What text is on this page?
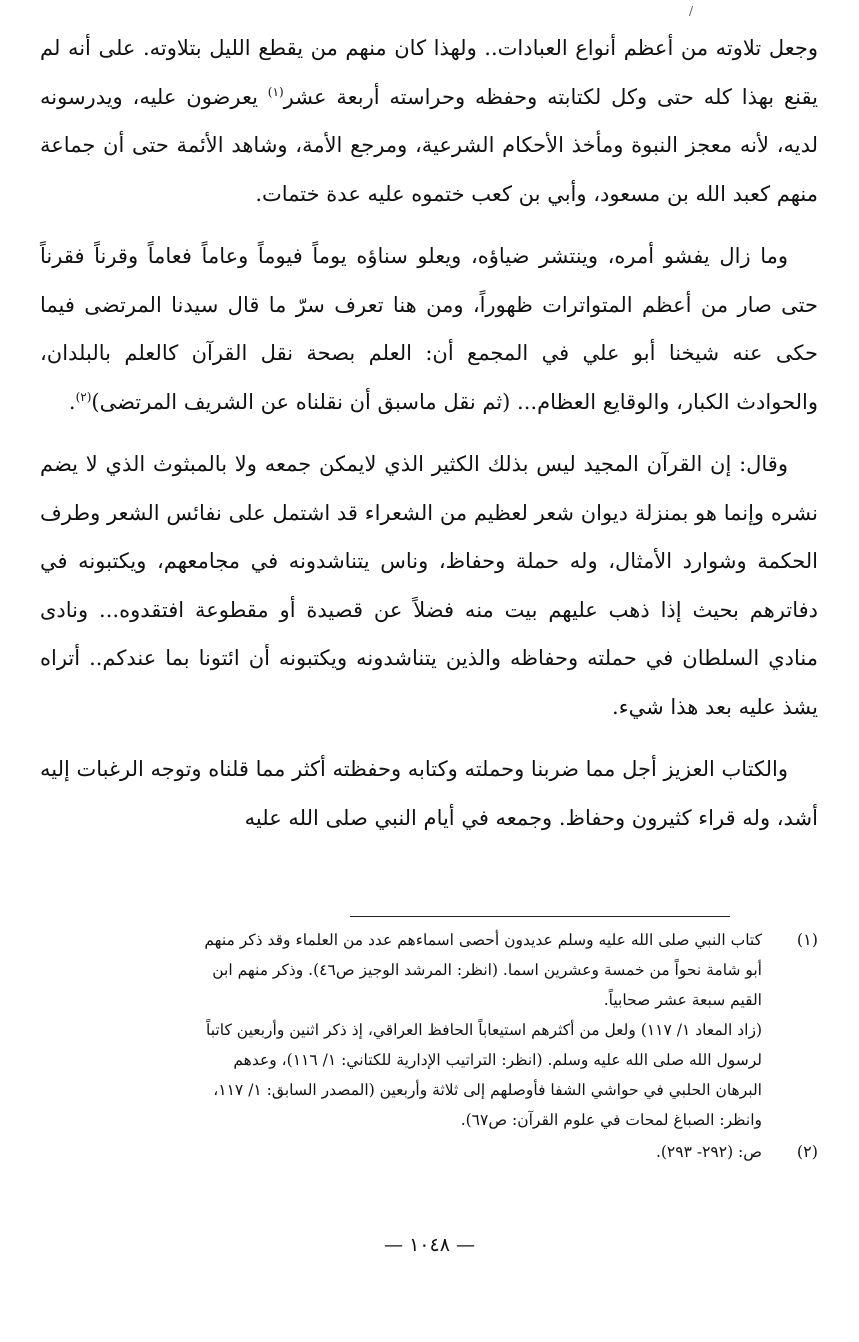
/

وجعل تلاوته من أعظم أنواع العبادات.. ولهذا كان منهم من يقطع الليل بتلاوته. على أنه لم يقنع بهذا كله حتى وكل لكتابته وحفظه وحراسته أربعة عشر$^{(١)}$ يعرضون عليه، ويدرسونه لديه، لأنه معجز النبوة ومأخذ الأحكام الشرعية، ومرجع الأمة، وشاهد الأئمة حتى أن جماعة منهم كعبد الله بن مسعود، وأبي بن كعب ختموه عليه عدة ختمات.

وما زال يفشو أمره، وينتشر ضياؤه، ويعلو سناؤه يوماً فيوماً وعاماً فعاماً وقرناً فقرناً حتى صار من أعظم المتواترات ظهوراً، ومن هنا تعرف سرّ ما قال سيدنا المرتضى فيما حكى عنه شيخنا أبو علي في المجمع أن: العلم بصحة نقل القرآن كالعلم بالبلدان، والحوادث الكبار، والوقايع العظام... (ثم نقل ماسبق أن نقلناه عن الشريف المرتضى)$^{(٢)}$.

وقال: إن القرآن المجيد ليس بذلك الكثير الذي لايمكن جمعه ولا بالمبثوث الذي لا يضم نشره وإنما هو بمنزلة ديوان شعر لعظيم من الشعراء قد اشتمل على نفائس الشعر وطرف الحكمة وشوارد الأمثال، وله حملة وحفاظ، وناس يتناشدونه في مجامعهم، ويكتبونه في دفاترهم بحيث إذا ذهب عليهم بيت منه فضلاً عن قصيدة أو مقطوعة افتقدوه... ونادى منادي السلطان في حملته وحفاظه والذين يتناشدونه ويكتبونه أن ائتونا بما عندكم.. أتراه يشذ عليه بعد هذا شيء.

والكتاب العزيز أجل مما ضربنا وحملته وكتابه وحفظته أكثر مما قلناه وتوجه الرغبات إليه أشد، وله قراء كثيرون وحفاظ. وجمعه في أيام النبي صلى الله عليه

(١)

كتاب النبي صلى الله عليه وسلم عديدون أحصى اسماءهم عدد من العلماء وقد ذكر منهم

أبو شامة نحواً من خمسة وعشرين اسما. (انظر: المرشد الوجيز ص٤٦). وذكر منهم ابن

القيم سبعة عشر صحابياً.

(زاد المعاد ١/ ١١٧) ولعل من أكثرهم استيعاباً الحافظ العراقي، إذ ذكر اثنين وأربعين كاتباً

لرسول الله صلى الله عليه وسلم. (انظر: التراتيب الإدارية للكتاني: ١/ ١١٦)، وعدهم

البرهان الحلبي في حواشي الشفا فأوصلهم إلى ثلاثة وأربعين (المصدر السابق: ١/ ١١٧،

وانظر: الصباغ لمحات في علوم القرآن: ص٦٧).

(٢)

ص: (٢٩٢- ٢٩٣).

— ١٠٤٨ —
